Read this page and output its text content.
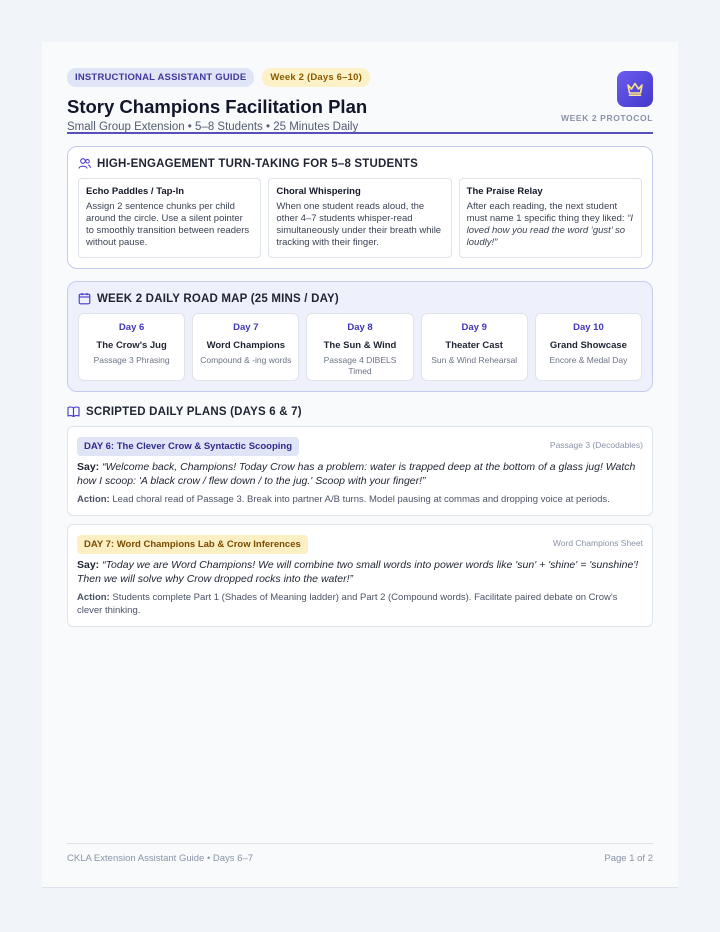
INSTRUCTIONAL ASSISTANT GUIDE	Week 2 (Days 6–10)
Story Champions Facilitation Plan
Small Group Extension • 5–8 Students • 25 Minutes Daily
WEEK 2 PROTOCOL
HIGH-ENGAGEMENT TURN-TAKING FOR 5–8 STUDENTS
Echo Paddles / Tap-In

Assign 2 sentence chunks per child around the circle. Use a silent pointer to smoothly transition between readers without pause.

Choral Whispering

When one student reads aloud, the other 4–7 students whisper-read simultaneously under their breath while tracking with their finger.

The Praise Relay

After each reading, the next student must name 1 specific thing they liked: “I loved how you read the word ‘gust’ so loudly!”

WEEK 2 DAILY ROAD MAP (25 MINS / DAY)
Day 6
The Crow's Jug
Passage 3 Phrasing
Day 7
Word Champions
Compound & -ing words
Day 8
The Sun & Wind
Passage 4 DIBELS Timed
Day 9
Theater Cast
Sun & Wind Rehearsal
Day 10
Grand Showcase
Encore & Medal Day
SCRIPTED DAILY PLANS (DAYS 6 & 7)
DAY 6: The Clever Crow & Syntactic Scooping	Passage 3 (Decodables)
Say: “Welcome back, Champions! Today Crow has a problem: water is trapped deep at the bottom of a glass jug! Watch how I scoop: 'A black crow / flew down / to the jug.' Scoop with your finger!”
Action: Lead choral read of Passage 3. Break into partner A/B turns. Model pausing at commas and dropping voice at periods.
DAY 7: Word Champions Lab & Crow Inferences	Word Champions Sheet
Say: “Today we are Word Champions! We will combine two small words into power words like 'sun' + 'shine' = 'sunshine'! Then we will solve why Crow dropped rocks into the water!”
Action: Students complete Part 1 (Shades of Meaning ladder) and Part 2 (Compound words). Facilitate paired debate on Crow's clever thinking.
CKLA Extension Assistant Guide • Days 6–7	Page 1 of 2
